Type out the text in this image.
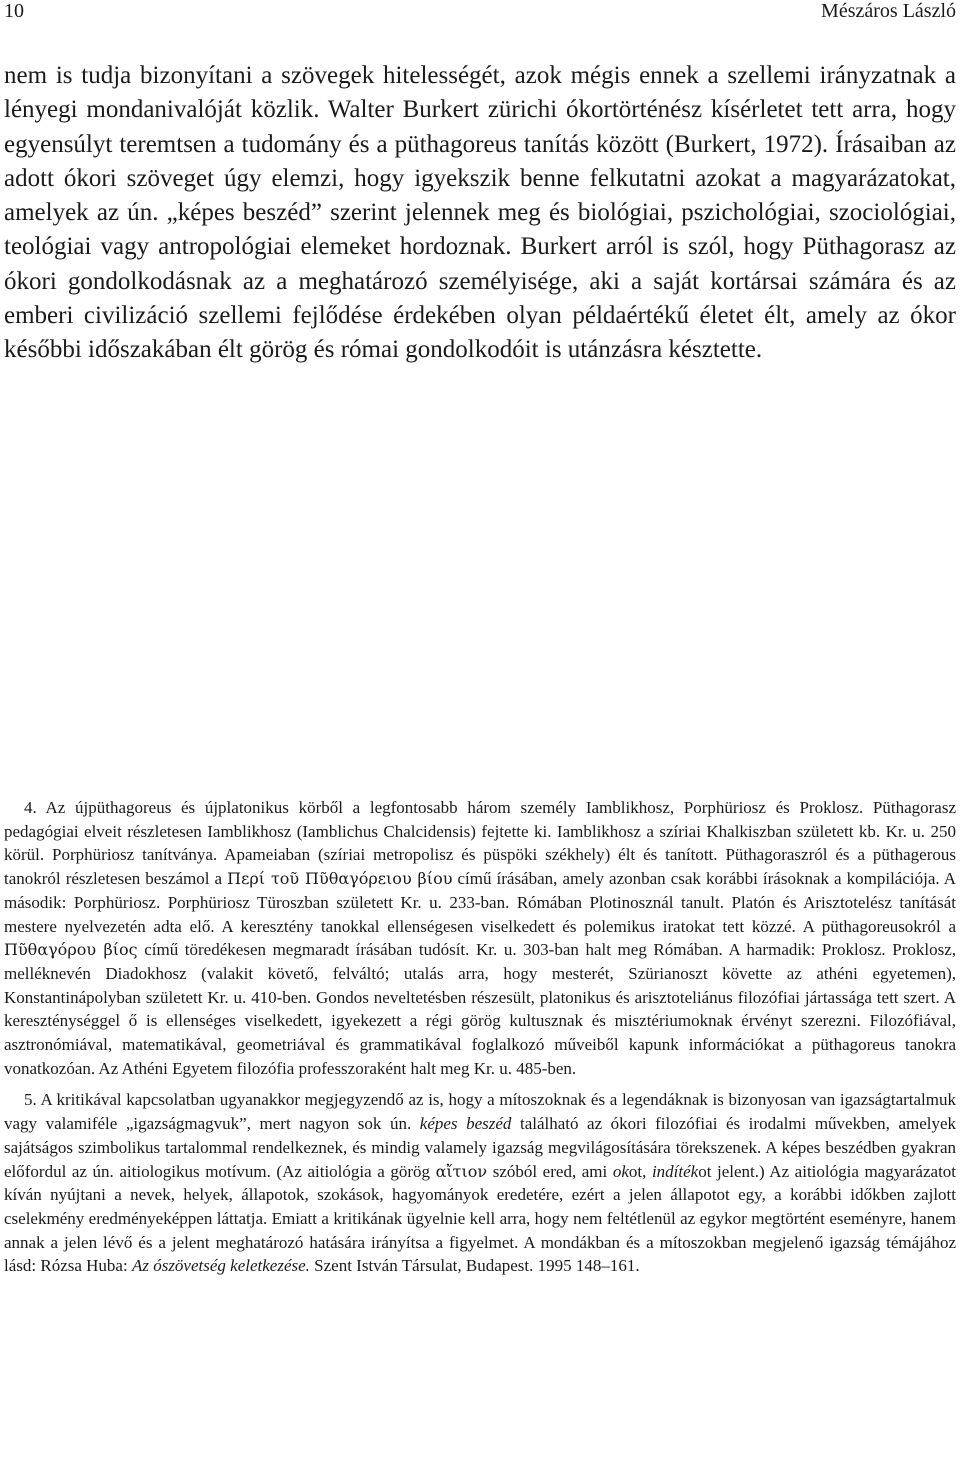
10	Mészáros László

nem is tudja bizonyítani a szövegek hitelességét, azok mégis ennek a szellemi irányzatnak a lényegi mondanivalóját közlik. Walter Burkert zürichi ókortörténész kísérletet tett arra, hogy egyensúlyt teremtsen a tudomány és a püthagoreus tanítás között (Burkert, 1972). Írásaiban az adott ókori szöveget úgy elemzi, hogy igyekszik benne felkutatni azokat a magyarázatokat, amelyek az ún. „képes beszéd” szerint jelennek meg és biológiai, pszichológiai, szociológiai, teológiai vagy antropológiai elemeket hordoznak. Burkert arról is szól, hogy Püthagorasz az ókori gondolkodásnak az a meghatározó személyisége, aki a saját kortársai számára és az emberi civilizáció szellemi fejlődése érdekében olyan példaértékű életet élt, amely az ókor későbbi időszakában élt görög és római gondolkodóit is utánzásra késztette.

4. Az újpüthagoreus és újplatonikus körből a legfontosabb három személy Iamblikhosz, Porphüriosz és Proklosz. Püthagorasz pedagógiai elveit részletesen Iamblikhosz (Iamblichus Chalcidensis) fejtette ki. Iamblikhosz a szíriai Khalkiszban született kb. Kr. u. 250 körül. Porphüriosz tanítványa. Apameiaban (szíriai metropolisz és püspöki székhely) élt és tanított. Püthagoraszról és a püthagerous tanokról részletesen beszámol a Περί τοῦ Πῦθαγόρειου βίου című írásában, amely azonban csak korábbi írásoknak a kompilációja. A második: Porphüriosz. Porphüriosz Türoszban született Kr. u. 233-ban. Rómában Plotinosznál tanult. Platón és Arisztotelész tanítását mestere nyelvezetén adta elő. A keresztény tanokkal ellenségesen viselkedett és polemikus iratokat tett közzé. A püthagoreusokról a Πῦθαγόρου βίος című töredékesen megmaradt írásában tudósít. Kr. u. 303-ban halt meg Rómában. A harmadik: Proklosz. Proklosz, melléknevén Diadokhosz (valakit követő, felváltó; utalás arra, hogy mesterét, Szürianoszt követte az athéni egyetemen), Konstantinápolyban született Kr. u. 410-ben. Gondos neveltetésben részesült, platonikus és arisztoteliánus filozófiai jártassága tett szert. A kereszténységgel ő is ellenséges viselkedett, igyekezett a régi görög kultusznak és misztériumoknak érvényt szerezni. Filozófiával, asztronómiával, matematikával, geometriával és grammatikával foglalkozó műveiből kapunk információkat a püthagoreus tanokra vonatkozóan. Az Athéni Egyetem filozófia professzoraként halt meg Kr. u. 485-ben.

5. A kritikával kapcsolatban ugyanakkor megjegyzendő az is, hogy a mítoszoknak és a legendáknak is bizonyosan van igazságtartalmuk vagy valamiféle „igazságmagvuk”, mert nagyon sok ún. képes beszéd található az ókori filozófiai és irodalmi művekben, amelyek sajátságos szimbolikus tartalommal rendelkeznek, és mindig valamely igazság megvilágosítására törekszenek. A képes beszédben gyakran előfordul az ún. aitiologikus motívum. (Az aitiológia a görög αἴτιον szóból ered, ami okot, indítékot jelent.) Az aitiológia magyarázatot kíván nyújtani a nevek, helyek, állapotok, szokások, hagyományok eredetére, ezért a jelen állapotot egy, a korábbi időkben zajlott cselekmény eredményeképpen láttatja. Emiatt a kritikának ügyelnie kell arra, hogy nem feltétlenül az egykor megtörtént eseményre, hanem annak a jelen lévő és a jelent meghatározó hatására irányítsa a figyelmet. A mondákban és a mítoszokban megjelenő igazság témájához lásd: Rózsa Huba: Az ószövetség keletkezése. Szent István Társulat, Budapest. 1995 148–161.
